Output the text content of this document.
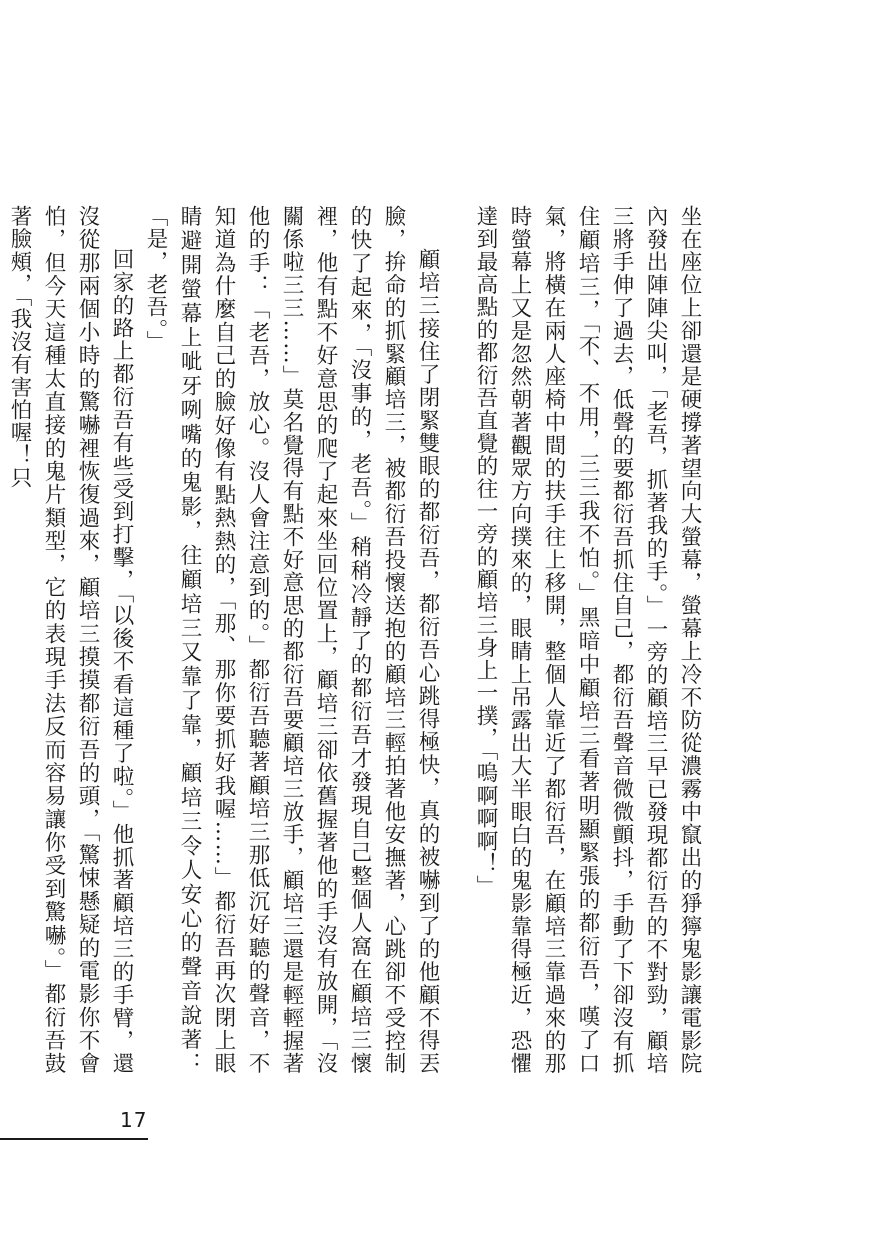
坐在座位上卻還是硬撐著望向大螢幕，螢幕上冷不防從濃霧中竄出的猙獰鬼影讓電影院內發出陣陣尖叫，「老吾，抓著我的手。」一旁的顧培三早已發現都衍吾的不對勁，顧培三將手伸了過去，低聲的要都衍吾抓住自己，都衍吾聲音微微顫抖，手動了下卻沒有抓住顧培三，「不、不用，三三我不怕。」黑暗中顧培三看著明顯緊張的都衍吾，嘆了口氣，將橫在兩人座椅中間的扶手往上移開，整個人靠近了都衍吾，在顧培三靠過來的那時螢幕上又是忽然朝著觀眾方向撲來的，眼睛上吊露出大半眼白的鬼影靠得極近，恐懼達到最高點的都衍吾直覺的往一旁的顧培三身上一撲，「嗚啊啊啊！」

顧培三接住了閉緊雙眼的都衍吾，都衍吾心跳得極快，真的被嚇到了的他顧不得丟臉，拚命的抓緊顧培三，被都衍吾投懷送抱的顧培三輕拍著他安撫著，心跳卻不受控制的快了起來，「沒事的，老吾。」稍稍冷靜了的都衍吾才發現自己整個人窩在顧培三懷裡，他有點不好意思的爬了起來坐回位置上，顧培三卻依舊握著他的手沒有放開，「沒關係啦三三……」莫名覺得有點不好意思的都衍吾要顧培三放手，顧培三還是輕輕握著他的手：「老吾，放心。沒人會注意到的。」都衍吾聽著顧培三那低沉好聽的聲音，不知道為什麼自己的臉好像有點熱熱的，「那、那你要抓好我喔……」都衍吾再次閉上眼睛避開螢幕上呲牙咧嘴的鬼影，往顧培三又靠了靠，顧培三令人安心的聲音說著：「是，老吾。」

回家的路上都衍吾有些受到打擊，「以後不看這種了啦。」他抓著顧培三的手臂，還沒從那兩個小時的驚嚇裡恢復過來，顧培三摸摸都衍吾的頭，「驚悚懸疑的電影你不會怕，但今天這種太直接的鬼片類型，它的表現手法反而容易讓你受到驚嚇。」都衍吾鼓著臉頰，「我沒有害怕喔！只

17
